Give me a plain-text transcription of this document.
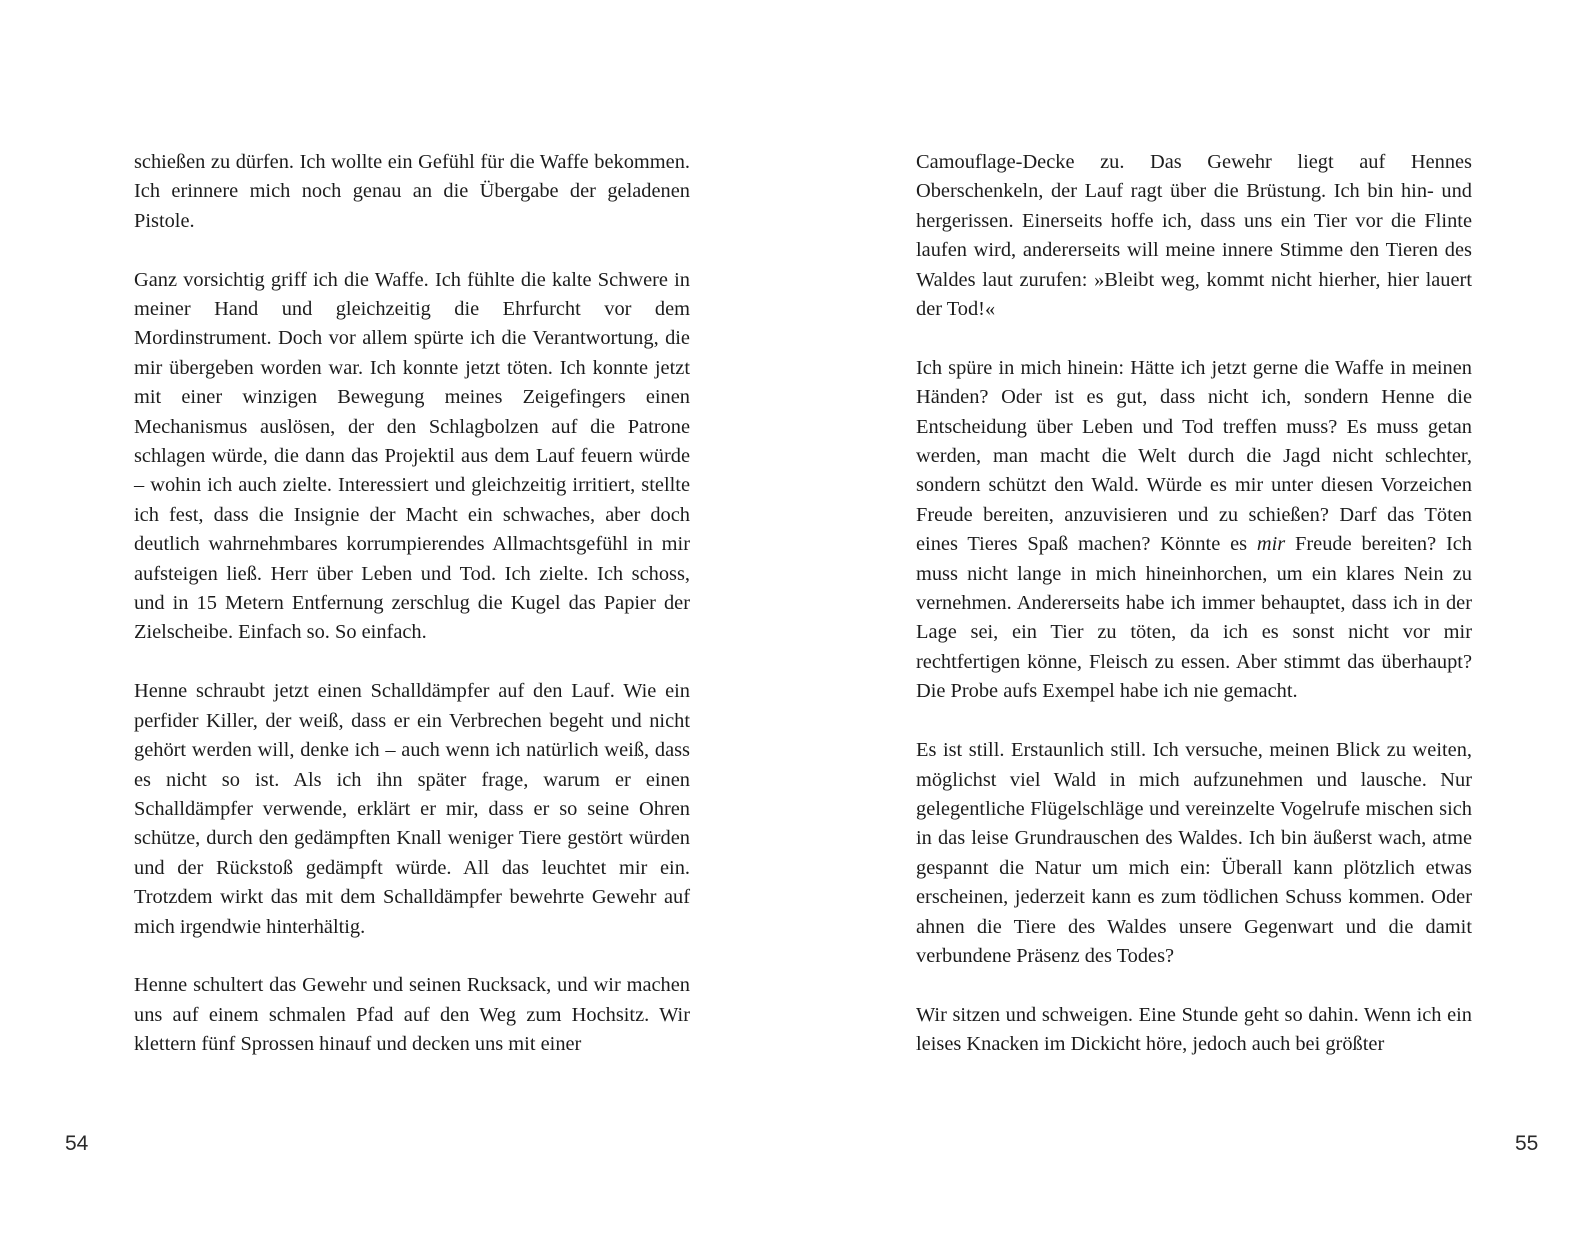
schießen zu dürfen. Ich wollte ein Gefühl für die Waffe bekommen. Ich erinnere mich noch genau an die Übergabe der geladenen Pistole.

Ganz vorsichtig griff ich die Waffe. Ich fühlte die kalte Schwere in meiner Hand und gleichzeitig die Ehrfurcht vor dem Mordinstrument. Doch vor allem spürte ich die Verantwortung, die mir übergeben worden war. Ich konnte jetzt töten. Ich konnte jetzt mit einer winzigen Bewegung meines Zeigefingers einen Mechanismus auslösen, der den Schlagbolzen auf die Patrone schlagen würde, die dann das Projektil aus dem Lauf feuern würde – wohin ich auch zielte. Interessiert und gleichzeitig irritiert, stellte ich fest, dass die Insignie der Macht ein schwaches, aber doch deutlich wahrnehmbares korrumpierendes Allmachtsgefühl in mir aufsteigen ließ. Herr über Leben und Tod. Ich zielte. Ich schoss, und in 15 Metern Entfernung zerschlug die Kugel das Papier der Zielscheibe. Einfach so. So einfach.

Henne schraubt jetzt einen Schalldämpfer auf den Lauf. Wie ein perfider Killer, der weiß, dass er ein Verbrechen begeht und nicht gehört werden will, denke ich – auch wenn ich natürlich weiß, dass es nicht so ist. Als ich ihn später frage, warum er einen Schalldämpfer verwende, erklärt er mir, dass er so seine Ohren schütze, durch den gedämpften Knall weniger Tiere gestört würden und der Rückstoß gedämpft würde. All das leuchtet mir ein. Trotzdem wirkt das mit dem Schalldämpfer bewehrte Gewehr auf mich irgendwie hinterhältig.

Henne schultert das Gewehr und seinen Rucksack, und wir machen uns auf einem schmalen Pfad auf den Weg zum Hochsitz. Wir klettern fünf Sprossen hinauf und decken uns mit einer

54

Camouflage-Decke zu. Das Gewehr liegt auf Hennes Oberschenkeln, der Lauf ragt über die Brüstung. Ich bin hin- und hergerissen. Einerseits hoffe ich, dass uns ein Tier vor die Flinte laufen wird, andererseits will meine innere Stimme den Tieren des Waldes laut zurufen: »Bleibt weg, kommt nicht hierher, hier lauert der Tod!«

Ich spüre in mich hinein: Hätte ich jetzt gerne die Waffe in meinen Händen? Oder ist es gut, dass nicht ich, sondern Henne die Entscheidung über Leben und Tod treffen muss? Es muss getan werden, man macht die Welt durch die Jagd nicht schlechter, sondern schützt den Wald. Würde es mir unter diesen Vorzeichen Freude bereiten, anzuvisieren und zu schießen? Darf das Töten eines Tieres Spaß machen? Könnte es mir Freude bereiten? Ich muss nicht lange in mich hineinhorchen, um ein klares Nein zu vernehmen. Andererseits habe ich immer behauptet, dass ich in der Lage sei, ein Tier zu töten, da ich es sonst nicht vor mir rechtfertigen könne, Fleisch zu essen. Aber stimmt das überhaupt? Die Probe aufs Exempel habe ich nie gemacht.

Es ist still. Erstaunlich still. Ich versuche, meinen Blick zu weiten, möglichst viel Wald in mich aufzunehmen und lausche. Nur gelegentliche Flügelschläge und vereinzelte Vogelrufe mischen sich in das leise Grundrauschen des Waldes. Ich bin äußerst wach, atme gespannt die Natur um mich ein: Überall kann plötzlich etwas erscheinen, jederzeit kann es zum tödlichen Schuss kommen. Oder ahnen die Tiere des Waldes unsere Gegenwart und die damit verbundene Präsenz des Todes?

Wir sitzen und schweigen. Eine Stunde geht so dahin. Wenn ich ein leises Knacken im Dickicht höre, jedoch auch bei größter

55
